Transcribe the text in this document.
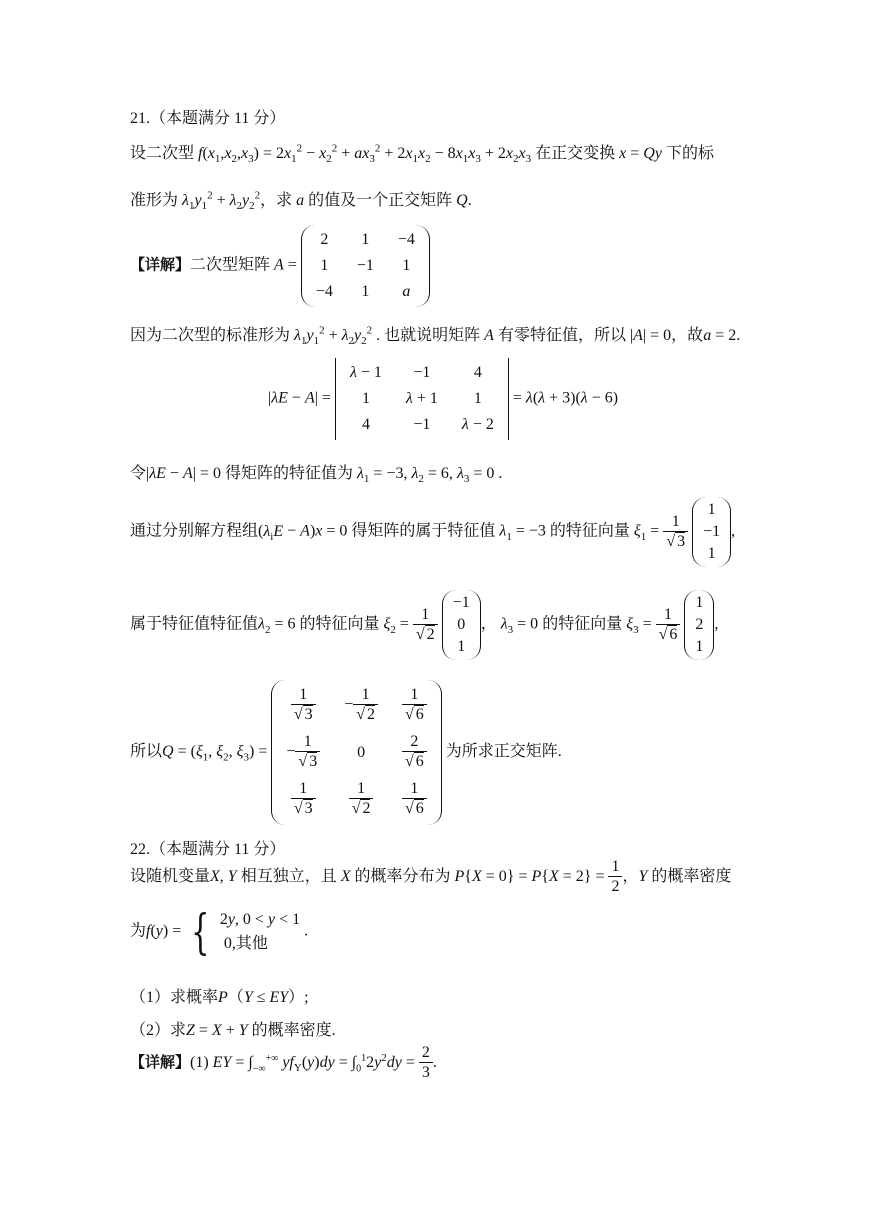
21.（本题满分 11 分）
设二次型 $f(x_1,x_2,x_3) = 2x_1^2 - x_2^2 + ax_3^2 + 2x_1x_2 - 8x_1x_3 + 2x_2x_3$ 在正交变换 x = Qy 下的标
准形为 $\lambda_1y_1^2 + \lambda_2y_2^2$，求 a 的值及一个正交矩阵 Q.
【详解】二次型矩阵 A =
2	1	−4
1	−1	1
−4	1	a
因为二次型的标准形为 $\lambda_1y_1^2 + \lambda_2y_2^2$ . 也就说明矩阵 A 有零特征值，所以 |A| = 0，故a = 2.
|λE − A| =
λ − 1	−1	4
1	λ + 1	1
4	−1	λ − 2
= λ(λ + 3)(λ − 6)
令|λE − A| = 0 得矩阵的特征值为 $\lambda_1 = -3$, $\lambda_2 = 6$, $\lambda_3 = 0$ .
通过分别解方程组$(\lambda_iE - A)x = 0$ 得矩阵的属于特征值 $\lambda_1 = -3$ 的特征向量 $\xi_1 = \frac{1}{√ 3}$

1
−1
1
,
属于特征值特征值$\lambda_2 = 6$ 的特征向量 $\xi_2 = \frac{1}{√ 2}$

−1
0
1
， $\lambda_3 = 0$ 的特征向量 $\xi_3 = \frac{1}{√ 6}$

1
2
1
,
所以$Q = (\xi_1$, $\xi_2$, $\xi_3$) =
$\frac{1}{√ 3}$	− $\frac{1}{√ 2}$	$\frac{1}{√ 6}$

− $\frac{1}{√ 3}$	0	$\frac{2}{√ 6}$

$\frac{1}{√ 3}$	$\frac{1}{√ 2}$	$\frac{1}{√ 6}$
为所求正交矩阵.
22.（本题满分 11 分）
设随机变量X, Y 相互独立，且 X 的概率分布为 $P\{X = 0\} = P\{X = 2\} = \frac{1}{2}$ ，Y 的概率密度
为f(y) = { 2y, 0 < y < 1
0,其他 .
（1）求概率P（Y ≤ EY）;
（2）求Z = X + Y 的概率密度.
【详解】(1) EY = $\int_{-\infty}^{+\infty}$ $yf_Y(y)dy = \int_0^12y^2dy = \frac{2}{3}$ .
